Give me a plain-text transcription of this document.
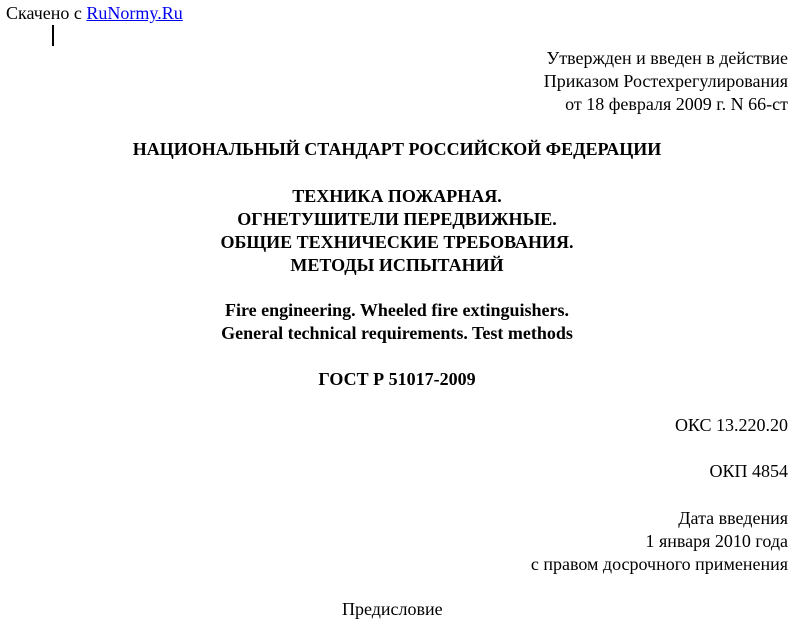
Скачено с RuNormy.Ru
Утвержден и введен в действие
Приказом Ростехрегулирования
от 18 февраля 2009 г. N 66-ст
НАЦИОНАЛЬНЫЙ СТАНДАРТ РОССИЙСКОЙ ФЕДЕРАЦИИ
ТЕХНИКА ПОЖАРНАЯ.
ОГНЕТУШИТЕЛИ ПЕРЕДВИЖНЫЕ.
ОБЩИЕ ТЕХНИЧЕСКИЕ ТРЕБОВАНИЯ.
МЕТОДЫ ИСПЫТАНИЙ
Fire engineering. Wheeled fire extinguishers.
General technical requirements. Test methods
ГОСТ Р 51017-2009
ОКС 13.220.20
ОКП 4854
Дата введения
1 января 2010 года
с правом досрочного применения
Предисловие
